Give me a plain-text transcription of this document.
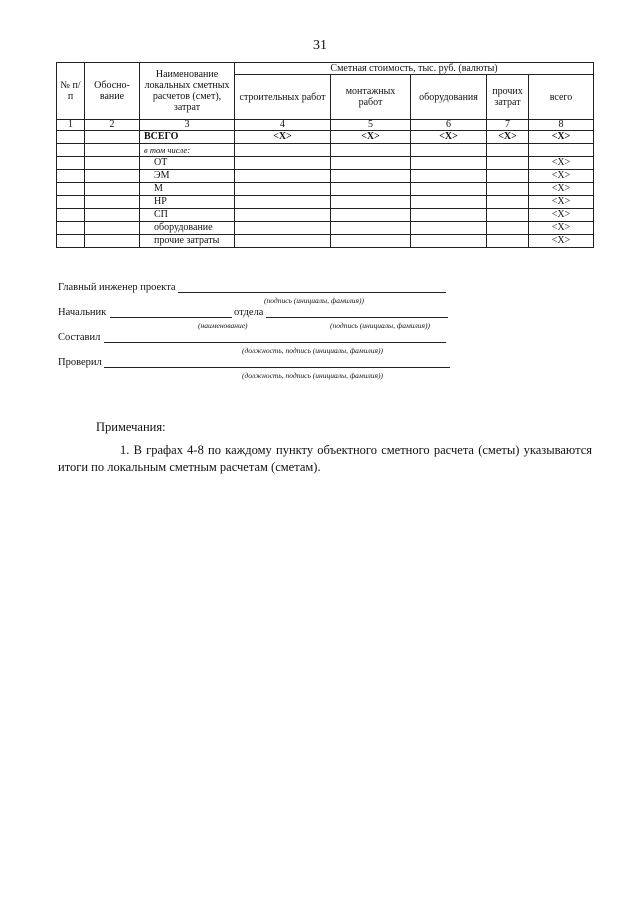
31
№ п/п	Обосно-вание	Наименование локальных сметных расчетов (смет), затрат	Сметная стоимость, тыс. руб. (валюты)				
			строительных работ	монтажных работ	оборудования	прочих затрат	всего
1	2	3	4	5	6	7	8
		ВСЕГО	<X>	<X>	<X>	<X>	<X>
		в том числе:					
		ОТ					<X>
		ЭМ					<X>
		М					<X>
		НР					<X>
		СП					<X>
		оборудование					<X>
		прочие затраты					<X>
Главный инженер проекта
(подпись (инициалы, фамилия))
Начальник	отдела
(наименование)	(подпись (инициалы, фамилия))
Составил
(должность, подпись (инициалы, фамилия))
Проверил
(должность, подпись (инициалы, фамилия))
Примечания:
1. В графах 4-8 по каждому пункту объектного сметного расчета (сметы) указываются итоги по локальным сметным расчетам (сметам).
